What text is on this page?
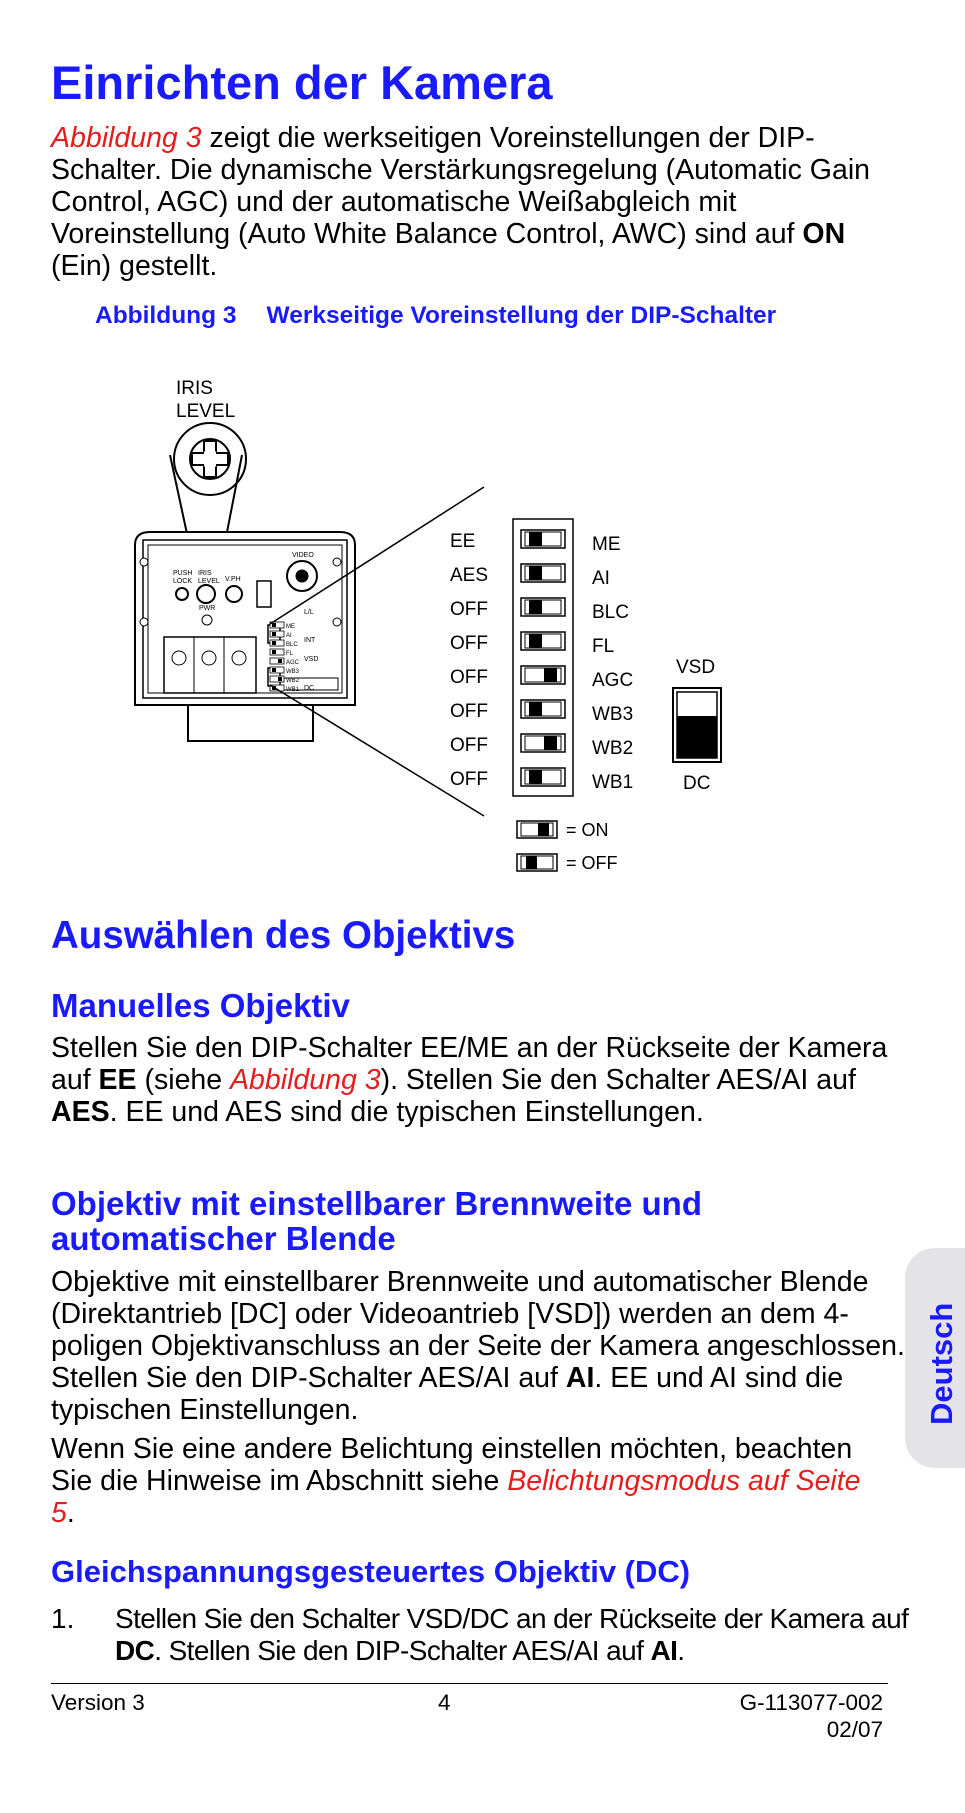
Einrichten der Kamera

Abbildung 3 zeigt die werkseitigen Voreinstellungen der DIP-Schalter. Die dynamische Verstärkungsregelung (Automatic Gain Control, AGC) und der automatische Weißabgleich mit Voreinstellung (Auto White Balance Control, AWC) sind auf ON (Ein) gestellt.

Abbildung 3 Werkseitige Voreinstellung der DIP-Schalter
IRIS
LEVEL
PUSH
LOCK
IRIS
LEVEL V.PH
PWR
VIDEO
L/L
INT
VSD
DC
ME
AI
BLC
FL
AGC
WB3
WB2
WB1
EE	ME
AES	AI
OFF	BLC
OFF	FL
OFF	AGC
OFF	WB3
OFF	WB2
OFF	WB1
VSD
DC
= ON
= OFF
Auswählen des Objektivs
Manuelles Objektiv

Stellen Sie den DIP-Schalter EE/ME an der Rückseite der Kamera auf EE (siehe Abbildung 3). Stellen Sie den Schalter AES/AI auf AES. EE und AES sind die typischen Einstellungen.

Objektiv mit einstellbarer Brennweite und
automatischer Blende

Objektive mit einstellbarer Brennweite und automatischer Blende (Direktantrieb [DC] oder Videoantrieb [VSD]) werden an dem 4-poligen Objektivanschluss an der Seite der Kamera angeschlossen. Stellen Sie den DIP-Schalter AES/AI auf AI. EE und AI sind die typischen Einstellungen.

Wenn Sie eine andere Belichtung einstellen möchten, beachten Sie die Hinweise im Abschnitt siehe Belichtungsmodus auf Seite 5.

Gleichspannungsgesteuertes Objektiv (DC)
1. Stellen Sie den Schalter VSD/DC an der Rückseite der Kamera auf DC. Stellen Sie den DIP-Schalter AES/AI auf AI.

Version 3	4	G-113077-002
02/07
Deutsch
